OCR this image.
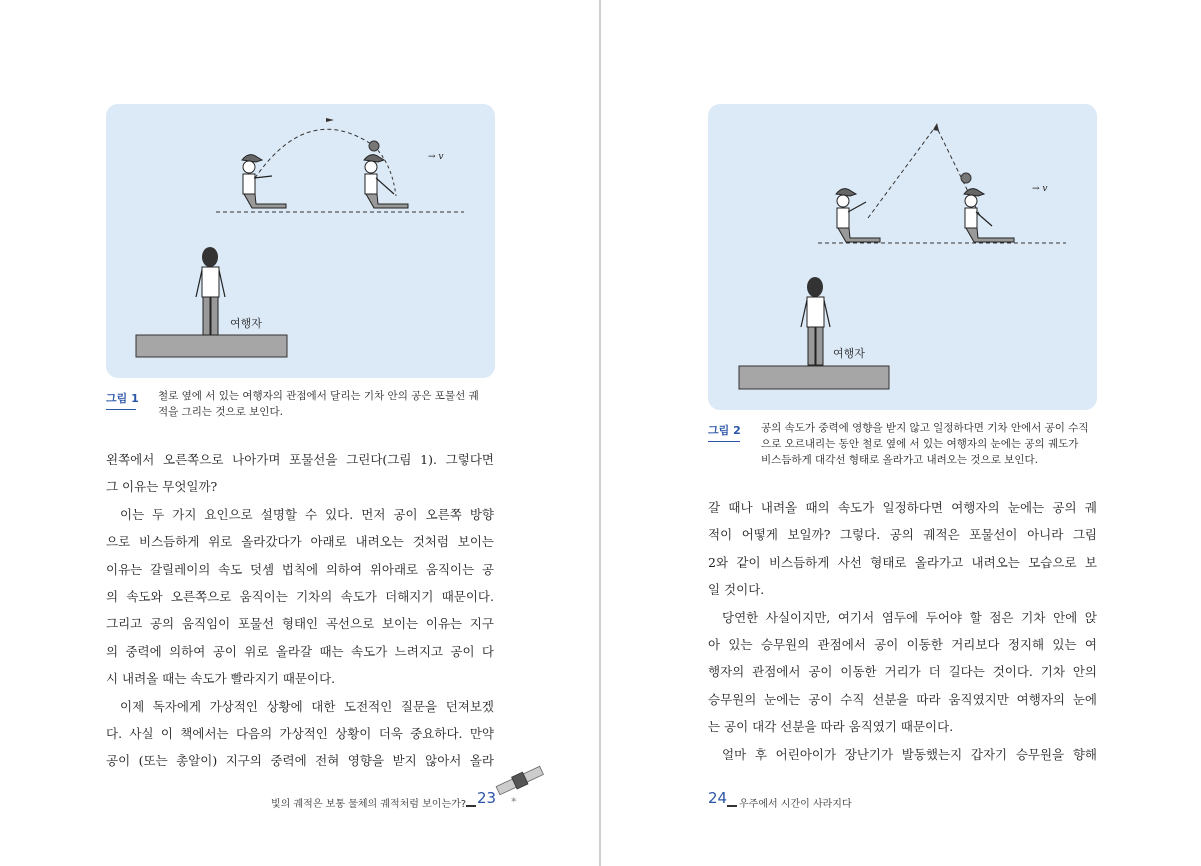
→ v
여행자
그림 1 철로 옆에 서 있는 여행자의 관점에서 달리는 기차 안의 공은 포물선 궤
적을 그리는 것으로 보인다.

왼쪽에서 오른쪽으로 나아가며 포물선을 그린다(그림 1). 그렇다면

그 이유는 무엇일까?

이는 두 가지 요인으로 설명할 수 있다. 먼저 공이 오른쪽 방향

으로 비스듬하게 위로 올라갔다가 아래로 내려오는 것처럼 보이는

이유는 갈릴레이의 속도 덧셈 법칙에 의하여 위아래로 움직이는 공

의 속도와 오른쪽으로 움직이는 기차의 속도가 더해지기 때문이다.

그리고 공의 움직임이 포물선 형태인 곡선으로 보이는 이유는 지구

의 중력에 의하여 공이 위로 올라갈 때는 속도가 느려지고 공이 다

시 내려올 때는 속도가 빨라지기 때문이다.

이제 독자에게 가상적인 상황에 대한 도전적인 질문을 던져보겠

다. 사실 이 책에서는 다음의 가상적인 상황이 더욱 중요하다. 만약

공이 (또는 총알이) 지구의 중력에 전혀 영향을 받지 않아서 올라

✶
빛의 궤적은 보통 물체의 궤적처럼 보이는가? 23
→ v
여행자
그림 2 공의 속도가 중력에 영향을 받지 않고 일정하다면 기차 안에서 공이 수직
으로 오르내리는 동안 철로 옆에 서 있는 여행자의 눈에는 공의 궤도가
비스듬하게 대각선 형태로 올라가고 내려오는 것으로 보인다.

갈 때나 내려올 때의 속도가 일정하다면 여행자의 눈에는 공의 궤

적이 어떻게 보일까? 그렇다. 공의 궤적은 포물선이 아니라 그림

2와 같이 비스듬하게 사선 형태로 올라가고 내려오는 모습으로 보

일 것이다.

당연한 사실이지만, 여기서 염두에 두어야 할 점은 기차 안에 앉

아 있는 승무원의 관점에서 공이 이동한 거리보다 정지해 있는 여

행자의 관점에서 공이 이동한 거리가 더 길다는 것이다. 기차 안의

승무원의 눈에는 공이 수직 선분을 따라 움직였지만 여행자의 눈에

는 공이 대각 선분을 따라 움직였기 때문이다.

얼마 후 어린아이가 장난기가 발동했는지 갑자기 승무원을 향해

24 우주에서 시간이 사라지다
